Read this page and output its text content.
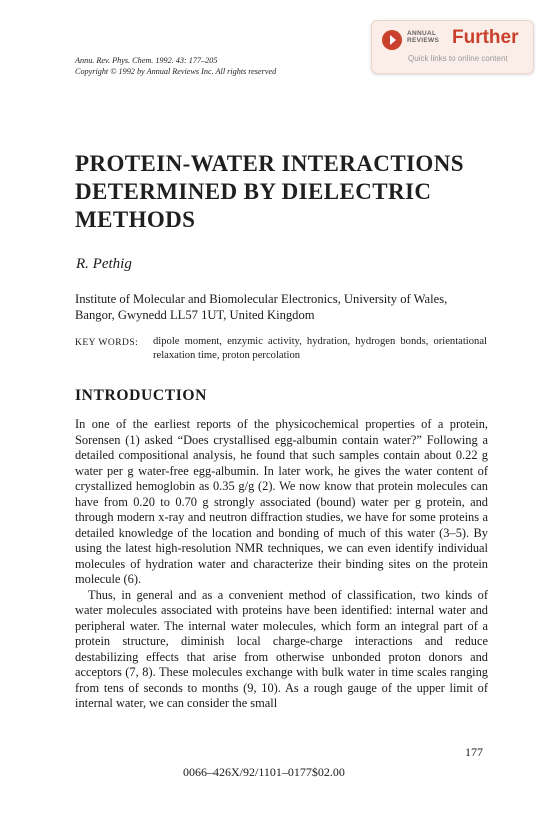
Annu. Rev. Phys. Chem. 1992. 43: 177–205
Copyright © 1992 by Annual Reviews Inc. All rights reserved
ANNUAL
REVIEWS Further
Quick links to online content
PROTEIN-WATER INTERACTIONS
DETERMINED BY DIELECTRIC
METHODS
R. Pethig
Institute of Molecular and Biomolecular Electronics, University of Wales,
Bangor, Gwynedd LL57 1UT, United Kingdom
KEY WORDS: dipole moment, enzymic activity, hydration, hydrogen bonds, orientational relaxation time, proton percolation
INTRODUCTION

In one of the earliest reports of the physicochemical properties of a protein, Sorensen (1) asked “Does crystallised egg-albumin contain water?” Following a detailed compositional analysis, he found that such samples contain about 0.22 g water per g water-free egg-albumin. In later work, he gives the water content of crystallized hemoglobin as 0.35 g/g (2). We now know that protein molecules can have from 0.20 to 0.70 g strongly associated (bound) water per g protein, and through modern x-ray and neutron diffraction studies, we have for some proteins a detailed knowledge of the location and bonding of much of this water (3–5). By using the latest high-resolution NMR techniques, we can even identify individual molecules of hydration water and characterize their binding sites on the protein molecule (6).

Thus, in general and as a convenient method of classification, two kinds of water molecules associated with proteins have been identified: internal water and peripheral water. The internal water molecules, which form an integral part of a protein structure, diminish local charge-charge interactions and reduce destabilizing effects that arise from otherwise unbonded proton donors and acceptors (7, 8). These molecules exchange with bulk water in time scales ranging from tens of seconds to months (9, 10). As a rough gauge of the upper limit of internal water, we can consider the small

177
0066–426X/92/1101–0177$02.00
